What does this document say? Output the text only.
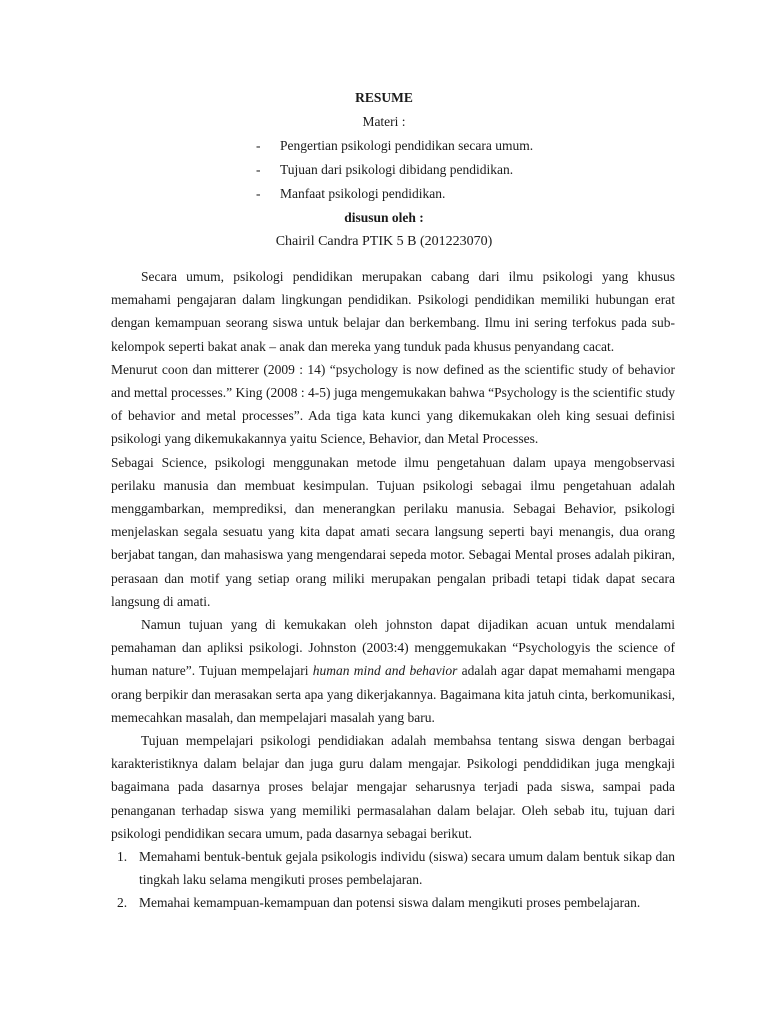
RESUME
Materi :
- Pengertian psikologi pendidikan secara umum.
- Tujuan dari psikologi dibidang pendidikan.
- Manfaat psikologi pendidikan.
disusun oleh :
Chairil Candra PTIK 5 B (201223070)

Secara umum, psikologi pendidikan merupakan cabang dari ilmu psikologi yang khusus memahami pengajaran dalam lingkungan pendidikan. Psikologi pendidikan memiliki hubungan erat dengan kemampuan seorang siswa untuk belajar dan berkembang. Ilmu ini sering terfokus pada sub-kelompok seperti bakat anak – anak dan mereka yang tunduk pada khusus penyandang cacat.

Menurut coon dan mitterer (2009 : 14) “psychology is now defined as the scientific study of behavior and mettal processes.” King (2008 : 4-5) juga mengemukakan bahwa “Psychology is the scientific study of behavior and metal processes”. Ada tiga kata kunci yang dikemukakan oleh king sesuai definisi psikologi yang dikemukakannya yaitu Science, Behavior, dan Metal Processes.

Sebagai Science, psikologi menggunakan metode ilmu pengetahuan dalam upaya mengobservasi perilaku manusia dan membuat kesimpulan. Tujuan psikologi sebagai ilmu pengetahuan adalah menggambarkan, memprediksi, dan menerangkan perilaku manusia. Sebagai Behavior, psikologi menjelaskan segala sesuatu yang kita dapat amati secara langsung seperti bayi menangis, dua orang berjabat tangan, dan mahasiswa yang mengendarai sepeda motor. Sebagai Mental proses adalah pikiran, perasaan dan motif yang setiap orang miliki merupakan pengalan pribadi tetapi tidak dapat secara langsung di amati.

Namun tujuan yang di kemukakan oleh johnston dapat dijadikan acuan untuk mendalami pemahaman dan apliksi psikologi. Johnston (2003:4) menggemukakan “Psychologyis the science of human nature”. Tujuan mempelajari human mind and behavior adalah agar dapat memahami mengapa orang berpikir dan merasakan serta apa yang dikerjakannya. Bagaimana kita jatuh cinta, berkomunikasi, memecahkan masalah, dan mempelajari masalah yang baru.

Tujuan mempelajari psikologi pendidiakan adalah membahsa tentang siswa dengan berbagai karakteristiknya dalam belajar dan juga guru dalam mengajar. Psikologi penddidikan juga mengkaji bagaimana pada dasarnya proses belajar mengajar seharusnya terjadi pada siswa, sampai pada penanganan terhadap siswa yang memiliki permasalahan dalam belajar. Oleh sebab itu, tujuan dari psikologi pendidikan secara umum, pada dasarnya sebagai berikut.

1. Memahami bentuk-bentuk gejala psikologis individu (siswa) secara umum dalam bentuk sikap dan tingkah laku selama mengikuti proses pembelajaran.
2. Memahai kemampuan-kemampuan dan potensi siswa dalam mengikuti proses pembelajaran.
